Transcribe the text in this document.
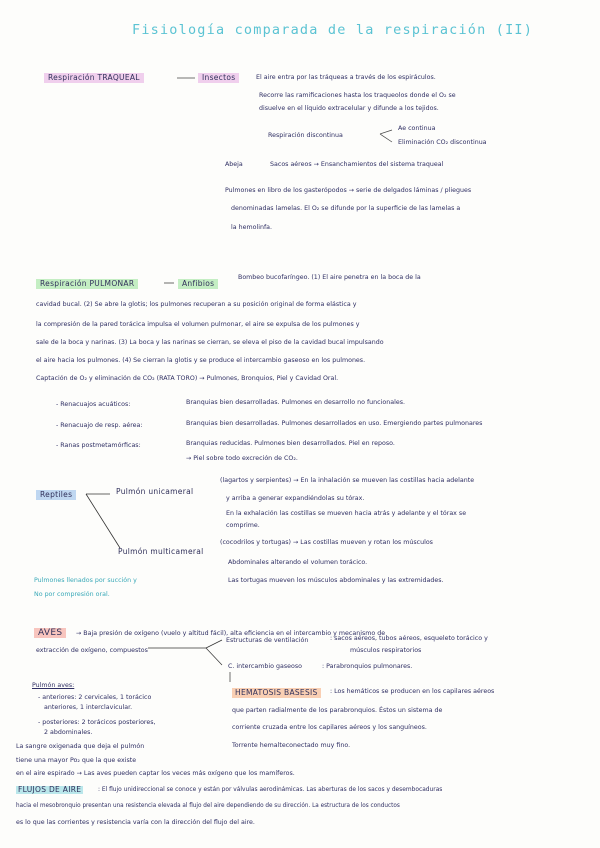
Fisiología comparada de la respiración (II)
Respiración TRAQUEAL	Insectos	El aire entra por las tráqueas a través de los espiráculos.
Recorre las ramificaciones hasta los traqueolos donde el O₂ se
disuelve en el líquido extracelular y difunde a los tejidos.
Respiración discontinua
Ae continua
Eliminación CO₂ discontinua
Abeja	Sacos aéreos → Ensanchamientos del sistema traqueal
Pulmones en libro de los gasterópodos → serie de delgados láminas / pliegues
denominadas lamelas. El O₂ se difunde por la superficie de las lamelas a
la hemolinfa.
Respiración PULMONAR	Anfibios
Bombeo bucofaríngeo. (1) El aire penetra en la boca de la
cavidad bucal. (2) Se abre la glotis; los pulmones recuperan a su posición original de forma elástica y
la compresión de la pared torácica impulsa el volumen pulmonar, el aire se expulsa de los pulmones y
sale de la boca y narinas. (3) La boca y las narinas se cierran, se eleva el piso de la cavidad bucal impulsando
el aire hacia los pulmones. (4) Se cierran la glotis y se produce el intercambio gaseoso en los pulmones.
Captación de O₂ y eliminación de CO₂ (RATA TORO) → Pulmones, Bronquios, Piel y Cavidad Oral.
- Renacuajos acuáticos:	Branquias bien desarrolladas. Pulmones en desarrollo no funcionales.
- Renacuajo de resp. aérea:	Branquias bien desarrolladas. Pulmones desarrollados en uso. Emergiendo partes pulmonares
- Ranas postmetamórficas:	Branquias reducidas. Pulmones bien desarrollados. Piel en reposo.
→ Piel sobre todo excreción de CO₂.
Reptiles	Pulmón unicameral
(lagartos y serpientes) → En la inhalación se mueven las costillas hacia adelante
y arriba a generar expandiéndolas su tórax.
En la exhalación las costillas se mueven hacia atrás y adelante y el tórax se
comprime.
Pulmón multicameral
(cocodrilos y tortugas) → Las costillas mueven y rotan los músculos
Abdominales alterando el volumen torácico.
Las tortugas mueven los músculos abdominales y las extremidades.
Pulmones llenados por succión y
No por compresión oral.
AVES	→ Baja presión de oxígeno (vuelo y altitud fácil), alta eficiencia en el intercambio y mecanismo de
extracción de oxígeno, compuestos
Estructuras de ventilación	: sacos aéreos, tubos aéreos, esqueleto torácico y
músculos respiratorios
C. intercambio gaseoso	: Parabronquios pulmonares.
Pulmón aves:
- anteriores: 2 cervicales, 1 torácico
anteriores, 1 interclavicular.
- posteriores: 2 torácicos posteriores,
2 abdominales.
HEMATOSIS BASESIS	: Los hemáticos se producen en los capilares aéreos
que parten radialmente de los parabronquios. Éstos un sistema de
corriente cruzada entre los capilares aéreos y los sanguíneos.
Torrente hemalteconectado muy fino.
La sangre oxigenada que deja el pulmón
tiene una mayor Po₂ que la que existe
en el aire espirado → Las aves pueden captar los veces más oxígeno que los mamíferos.
FLUJOS DE AIRE	: El flujo unidireccional se conoce y están por válvulas aerodinámicas. Las aberturas de los sacos y desembocaduras
hacia el mesobronquio presentan una resistencia elevada al flujo del aire dependiendo de su dirección. La estructura de los conductos
es lo que las corrientes y resistencia varía con la dirección del flujo del aire.
